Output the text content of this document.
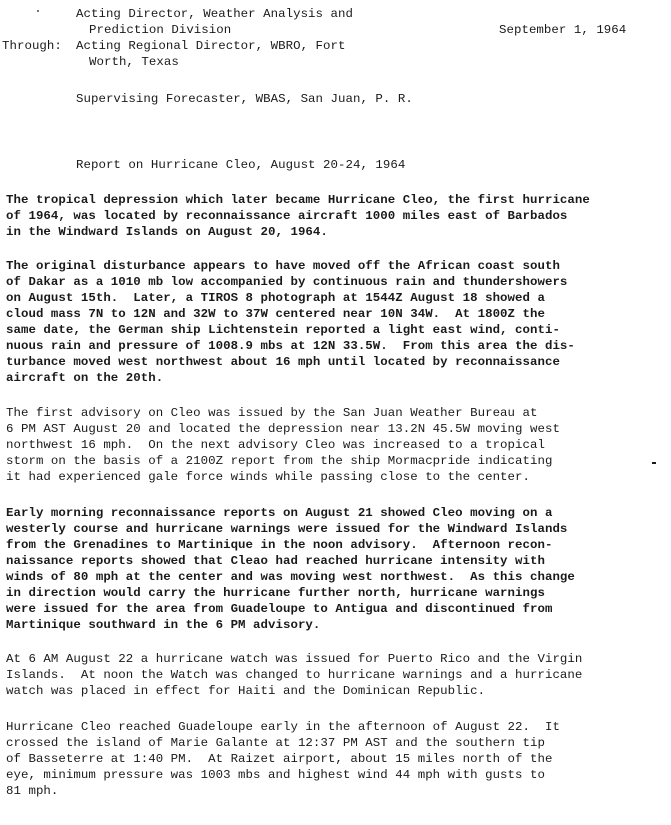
Acting Director, Weather Analysis and
Prediction Division	September 1, 1964
Through: Acting Regional Director, WBRO, Fort
Worth, Texas
Supervising Forecaster, WBAS, San Juan, P. R.
Report on Hurricane Cleo, August 20-24, 1964
The tropical depression which later became Hurricane Cleo, the first hurricane
of 1964, was located by reconnaissance aircraft 1000 miles east of Barbados
in the Windward Islands on August 20, 1964.
The original disturbance appears to have moved off the African coast south
of Dakar as a 1010 mb low accompanied by continuous rain and thundershowers
on August 15th.  Later, a TIROS 8 photograph at 1544Z August 18 showed a
cloud mass 7N to 12N and 32W to 37W centered near 10N 34W.  At 1800Z the
same date, the German ship Lichtenstein reported a light east wind, conti-
nuous rain and pressure of 1008.9 mbs at 12N 33.5W.  From this area the dis-
turbance moved west northwest about 16 mph until located by reconnaissance
aircraft on the 20th.
The first advisory on Cleo was issued by the San Juan Weather Bureau at
6 PM AST August 20 and located the depression near 13.2N 45.5W moving west
northwest 16 mph.  On the next advisory Cleo was increased to a tropical
storm on the basis of a 2100Z report from the ship Mormacpride indicating
it had experienced gale force winds while passing close to the center.
Early morning reconnaissance reports on August 21 showed Cleo moving on a
westerly course and hurricane warnings were issued for the Windward Islands
from the Grenadines to Martinique in the noon advisory.  Afternoon recon-
naissance reports showed that Cleao had reached hurricane intensity with
winds of 80 mph at the center and was moving west northwest.  As this change
in direction would carry the hurricane further north, hurricane warnings
were issued for the area from Guadeloupe to Antigua and discontinued from
Martinique southward in the 6 PM advisory.
At 6 AM August 22 a hurricane watch was issued for Puerto Rico and the Virgin
Islands.  At noon the Watch was changed to hurricane warnings and a hurricane
watch was placed in effect for Haiti and the Dominican Republic.
Hurricane Cleo reached Guadeloupe early in the afternoon of August 22.  It
crossed the island of Marie Galante at 12:37 PM AST and the southern tip
of Basseterre at 1:40 PM.  At Raizet airport, about 15 miles north of the
eye, minimum pressure was 1003 mbs and highest wind 44 mph with gusts to
81 mph.
